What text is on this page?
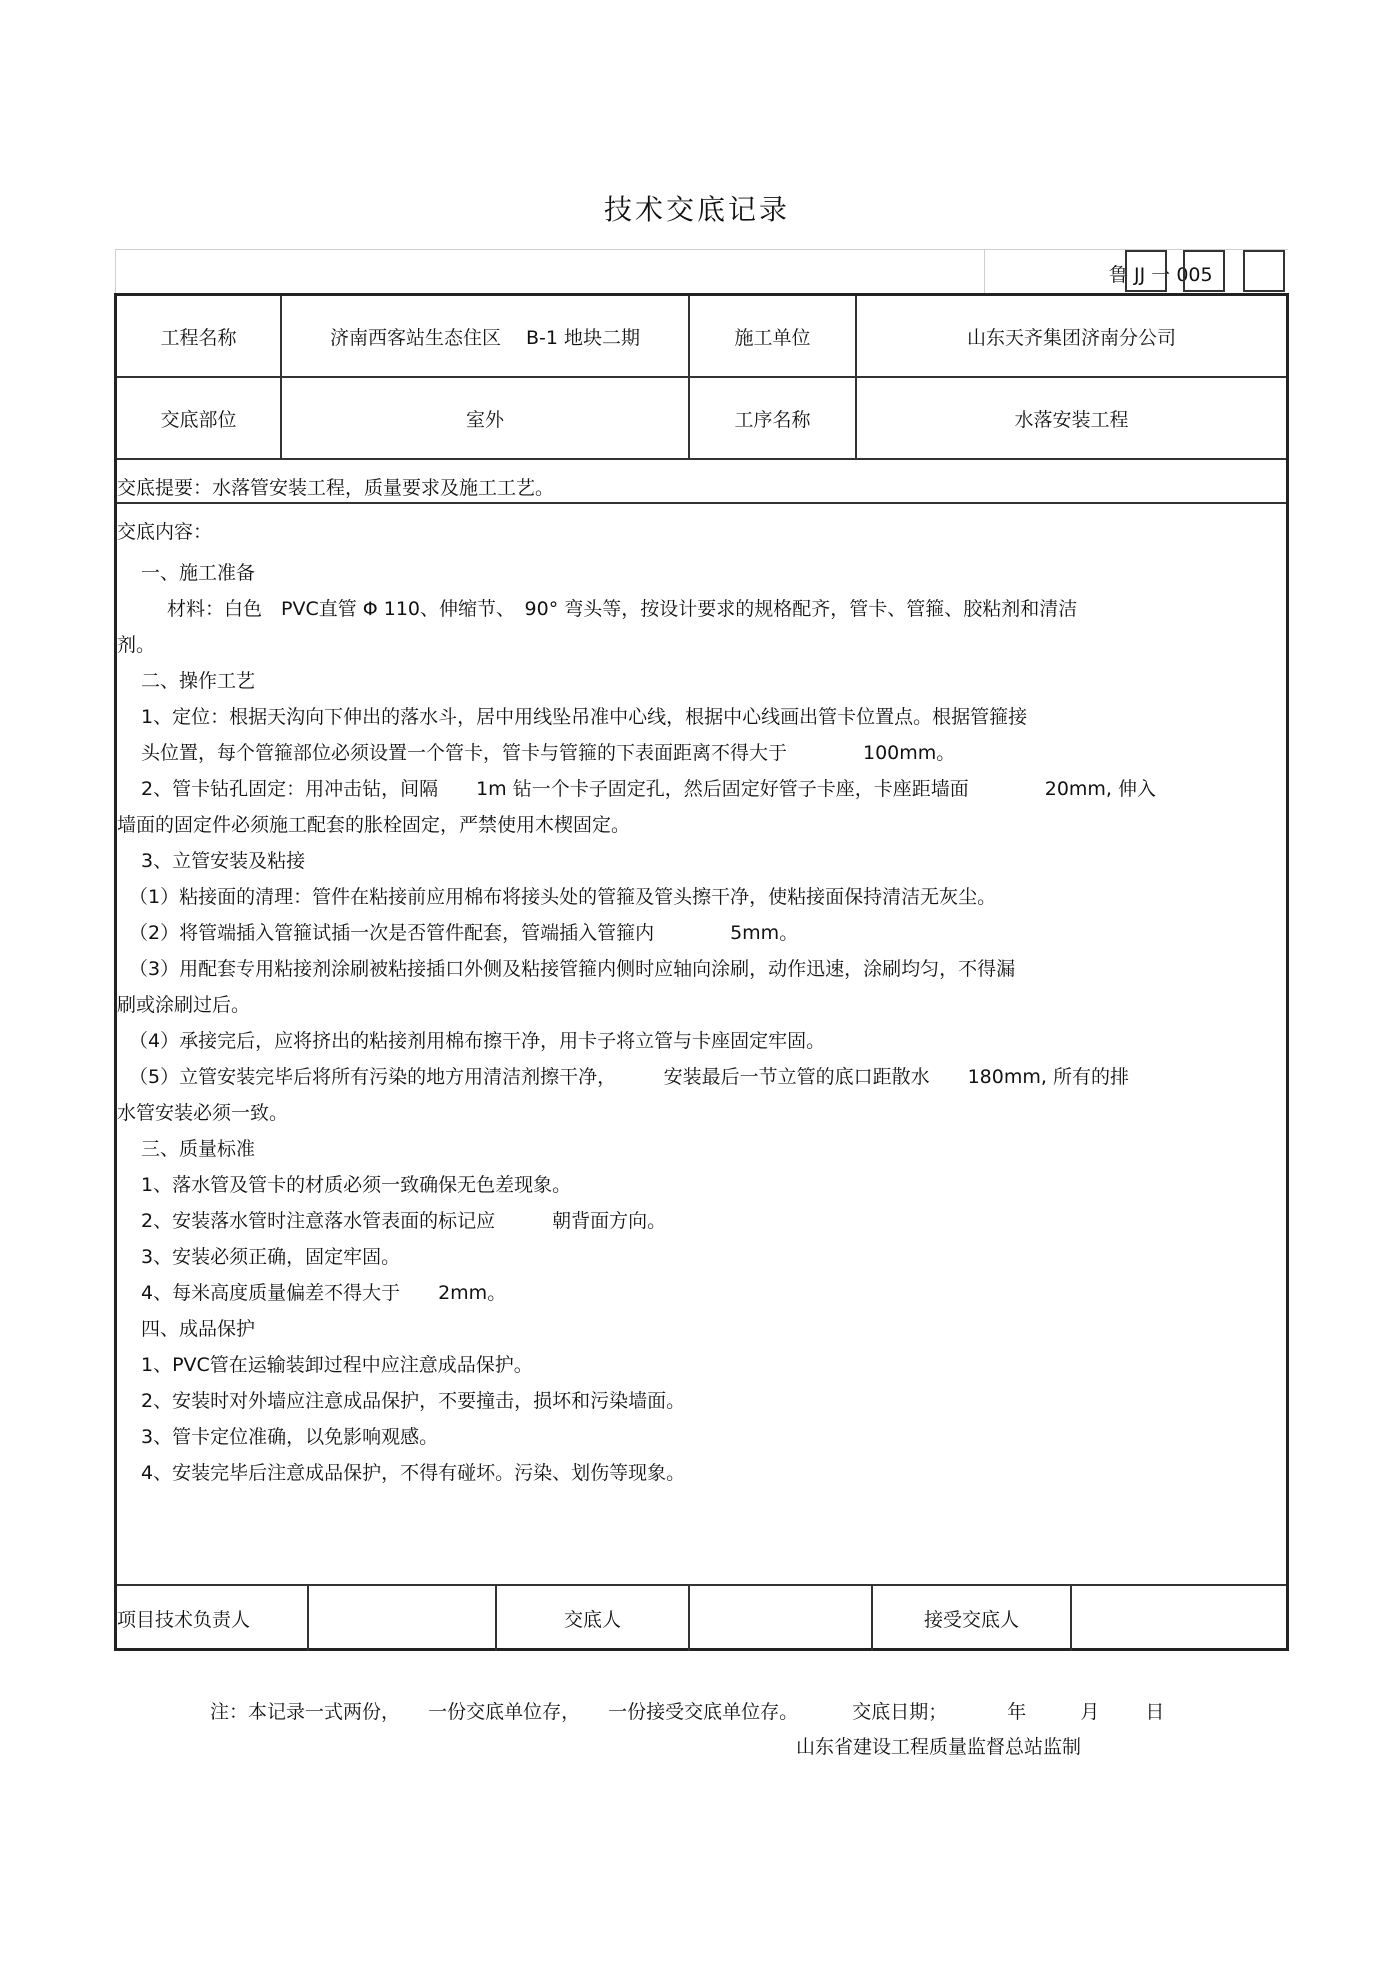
技术交底记录
鲁 JJ 一 005
工程名称	济南西客站生态住区　 B-1 地块二期	施工单位	山东天齐集团济南分公司
交底部位	室外	工序名称	水落安装工程
交底提要：水落管安装工程，质量要求及施工工艺。
交底内容：
一、施工准备
材料：白色　PVC直管 Φ 110、伸缩节、　90° 弯头等，按设计要求的规格配齐，管卡、管箍、胶粘剂和清洁
剂。
二、操作工艺
1、定位：根据天沟向下伸出的落水斗，居中用线坠吊准中心线，根据中心线画出管卡位置点。根据管箍接
头位置，每个管箍部位必须设置一个管卡，管卡与管箍的下表面距离不得大于　　　　100mm。
2、管卡钻孔固定：用冲击钻，间隔　　1m 钻一个卡子固定孔，然后固定好管子卡座，卡座距墙面　　　　20mm, 伸入
墙面的固定件必须施工配套的胀栓固定，严禁使用木楔固定。
3、立管安装及粘接
（1）粘接面的清理：管件在粘接前应用棉布将接头处的管箍及管头擦干净，使粘接面保持清洁无灰尘。
（2）将管端插入管箍试插一次是否管件配套，管端插入管箍内　　　　5mm。
（3）用配套专用粘接剂涂刷被粘接插口外侧及粘接管箍内侧时应轴向涂刷，动作迅速，涂刷均匀，不得漏
刷或涂刷过后。
（4）承接完后，应将挤出的粘接剂用棉布擦干净，用卡子将立管与卡座固定牢固。
（5）立管安装完毕后将所有污染的地方用清洁剂擦干净，　　　安装最后一节立管的底口距散水　　180mm, 所有的排
水管安装必须一致。
三、质量标准
1、落水管及管卡的材质必须一致确保无色差现象。
2、安装落水管时注意落水管表面的标记应　　　朝背面方向。
3、安装必须正确，固定牢固。
4、每米高度质量偏差不得大于　　2mm。
四、成品保护
1、PVC管在运输装卸过程中应注意成品保护。
2、安装时对外墙应注意成品保护，不要撞击，损坏和污染墙面。
3、管卡定位准确，以免影响观感。
4、安装完毕后注意成品保护，不得有碰坏。污染、划伤等现象。
项目技术负责人	交底人	接受交底人
注：本记录一式两份， 一份交底单位存， 一份接受交底单位存。	交底日期；	年	月 日
山东省建设工程质量监督总站监制
